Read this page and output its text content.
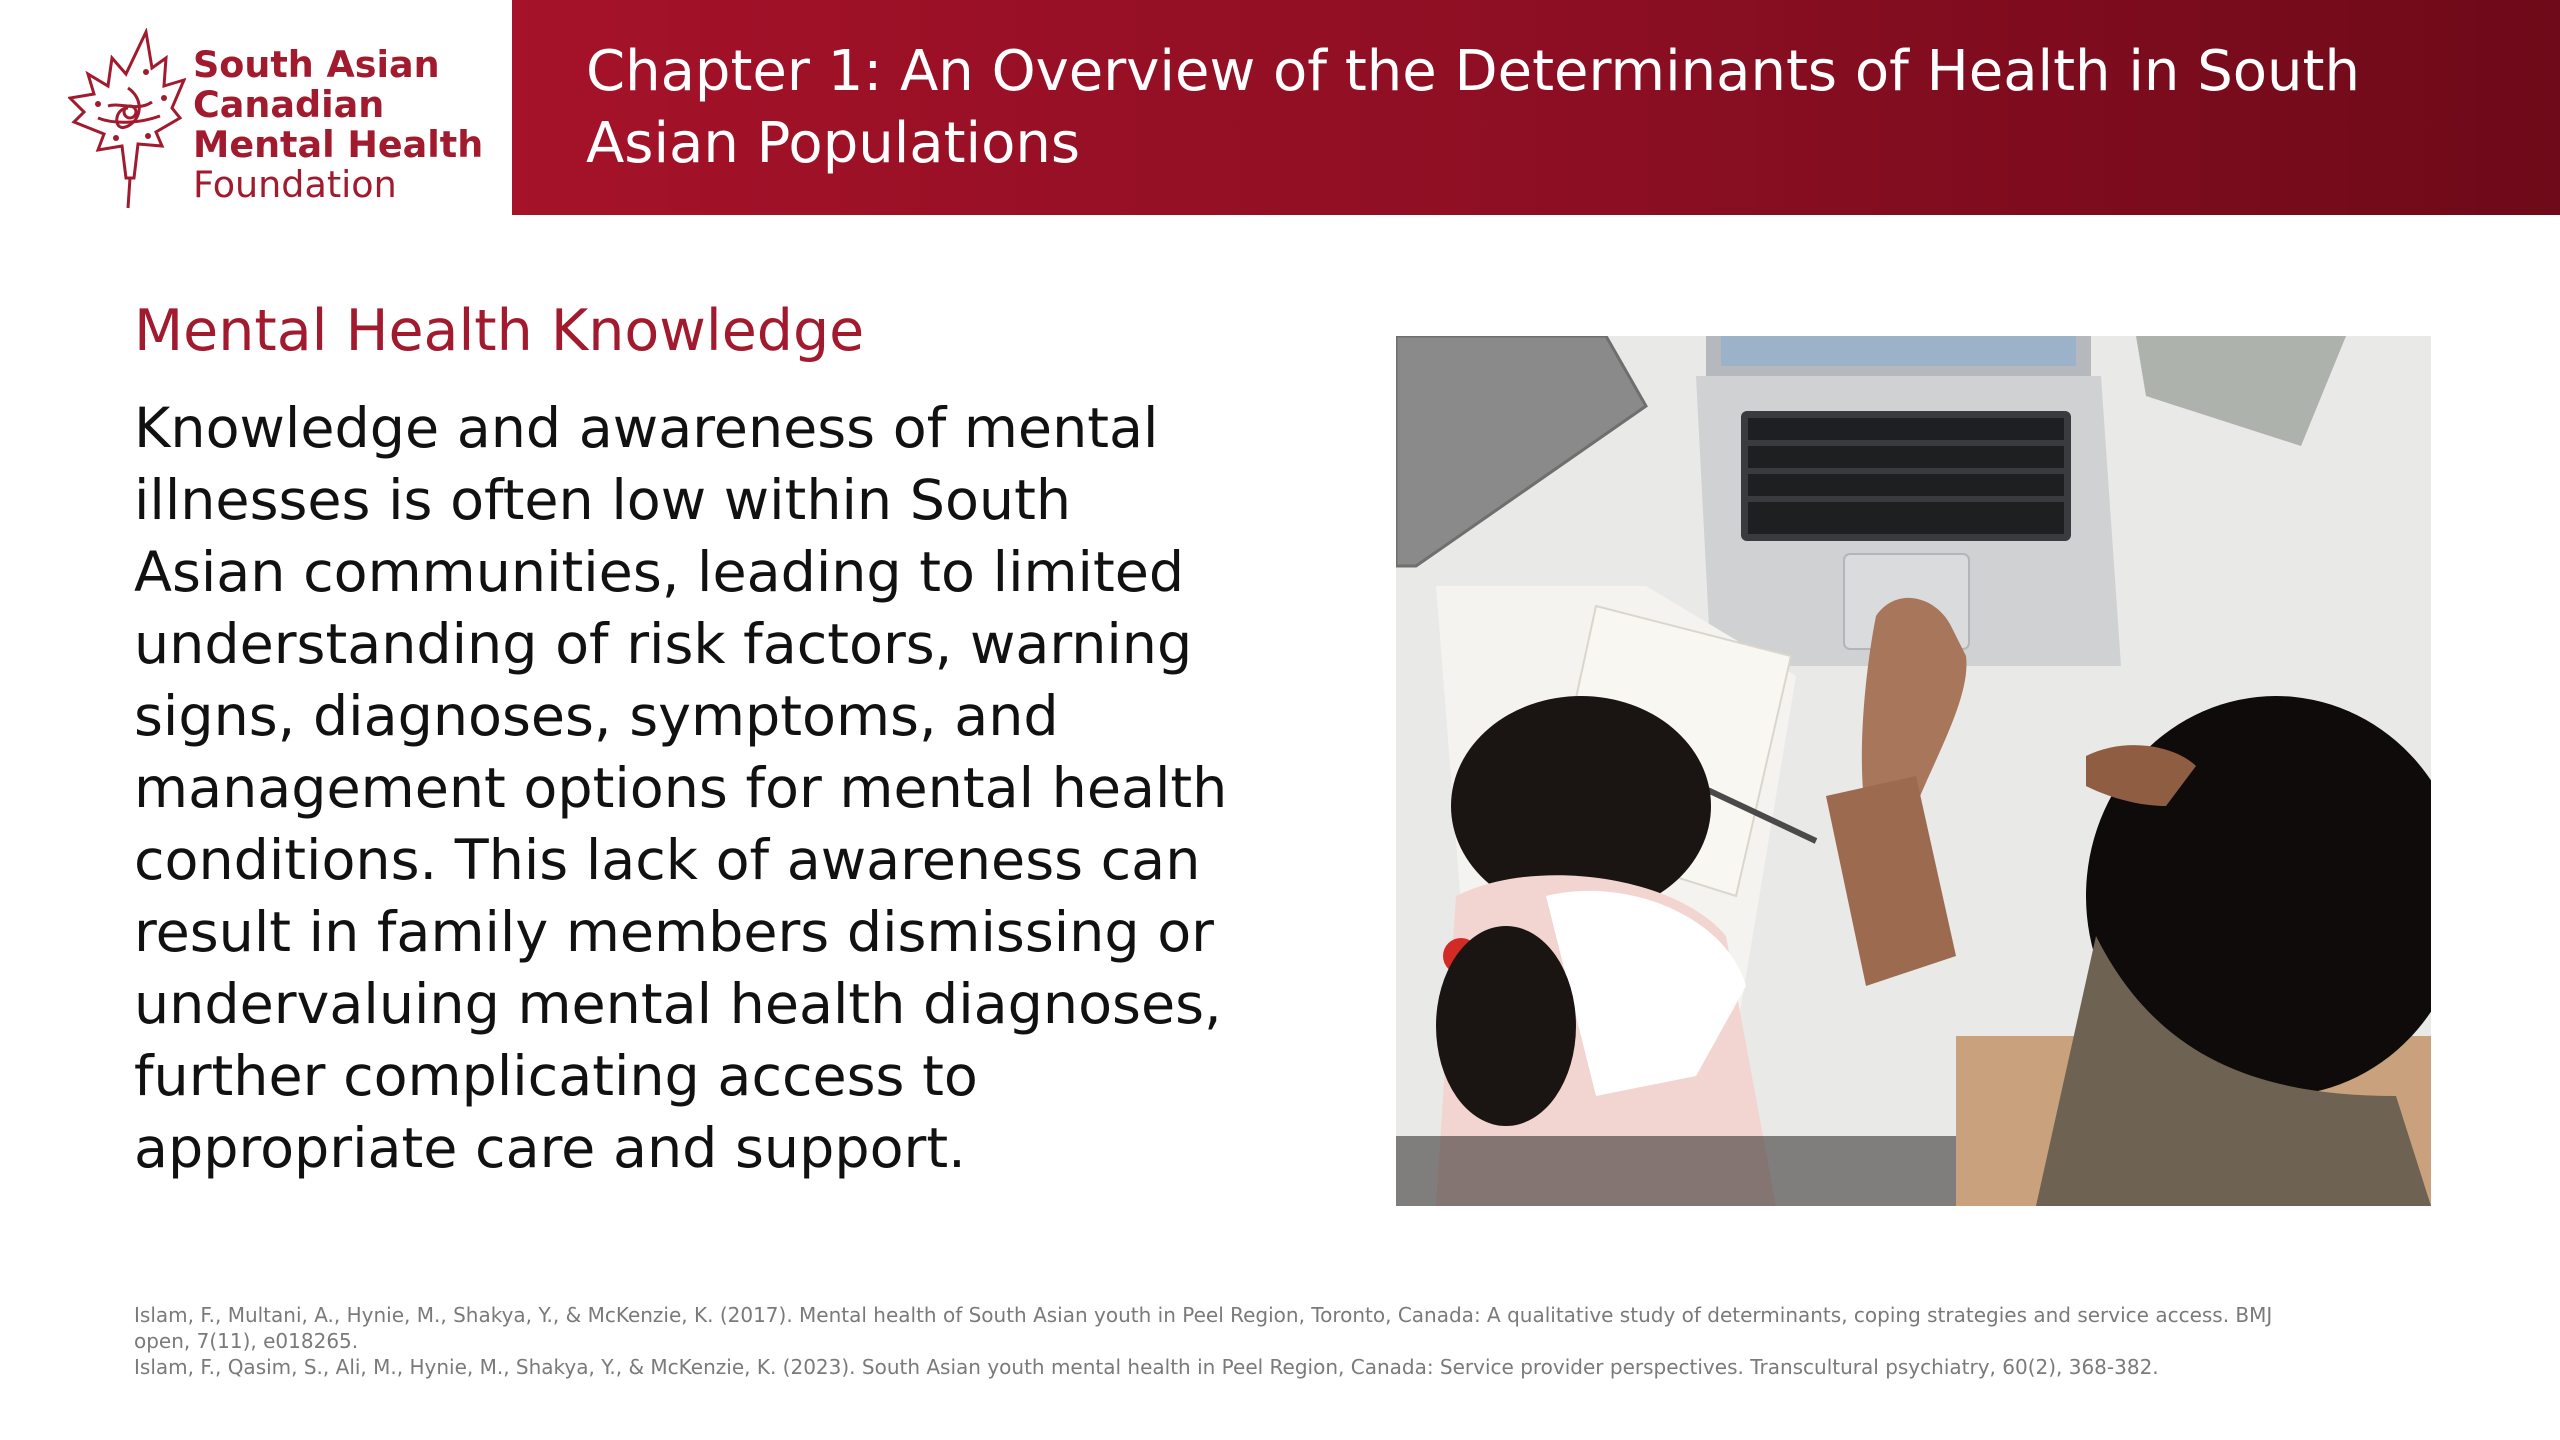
South Asian
Canadian
Mental Health
Foundation
Chapter 1: An Overview of the Determinants of Health in South
Asian Populations
Mental Health Knowledge
Knowledge and awareness of mental
illnesses is often low within South
Asian communities, leading to limited
understanding of risk factors, warning
signs, diagnoses, symptoms, and
management options for mental health
conditions. This lack of awareness can
result in family members dismissing or
undervaluing mental health diagnoses,
further complicating access to
appropriate care and support.
Islam, F., Multani, A., Hynie, M., Shakya, Y., & McKenzie, K. (2017). Mental health of South Asian youth in Peel Region, Toronto, Canada: A qualitative study of determinants, coping strategies and service access. BMJ
open, 7(11), e018265.
Islam, F., Qasim, S., Ali, M., Hynie, M., Shakya, Y., & McKenzie, K. (2023). South Asian youth mental health in Peel Region, Canada: Service provider perspectives. Transcultural psychiatry, 60(2), 368-382.
